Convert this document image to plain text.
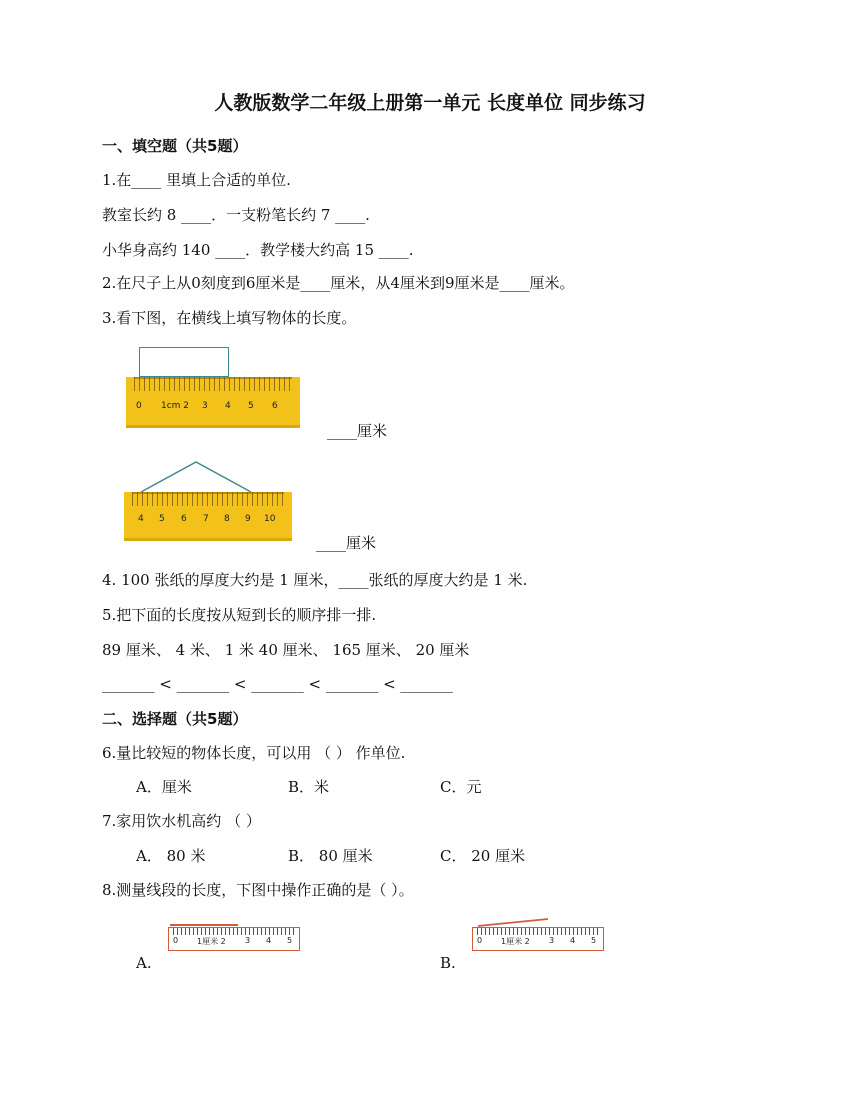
人教版数学二年级上册第一单元 长度单位 同步练习
一、填空题（共5题）
1.在____ 里填上合适的单位.
教室长约 8 ____．一支粉笔长约 7 ____.
小华身高约 140 ____．教学楼大约高 15 ____.
2.在尺子上从0刻度到6厘米是____厘米，从4厘米到9厘米是____厘米。
3.看下图，在横线上填写物体的长度。
0 1cm 2 3 4 5 6
____厘米
4 5 6 7 8 9 10
____厘米
4. 100 张纸的厚度大约是 1 厘米，____张纸的厚度大约是 1 米.
5.把下面的长度按从短到长的顺序排一排.
89 厘米、 4 米、 1 米 40 厘米、 165 厘米、 20 厘米
_______ < _______ < _______ < _______ < _______
二、选择题（共5题）
6.量比较短的物体长度，可以用 （ ） 作单位.
A．厘米	B．米	C．元
7.家用饮水机高约 （ ）
A． 80 米	B． 80 厘米	C． 20 厘米
8.测量线段的长度，下图中操作正确的是（ ）。
0 1厘米 2 3 4 5
A.
0 1厘米 2 3 4 5
B.
